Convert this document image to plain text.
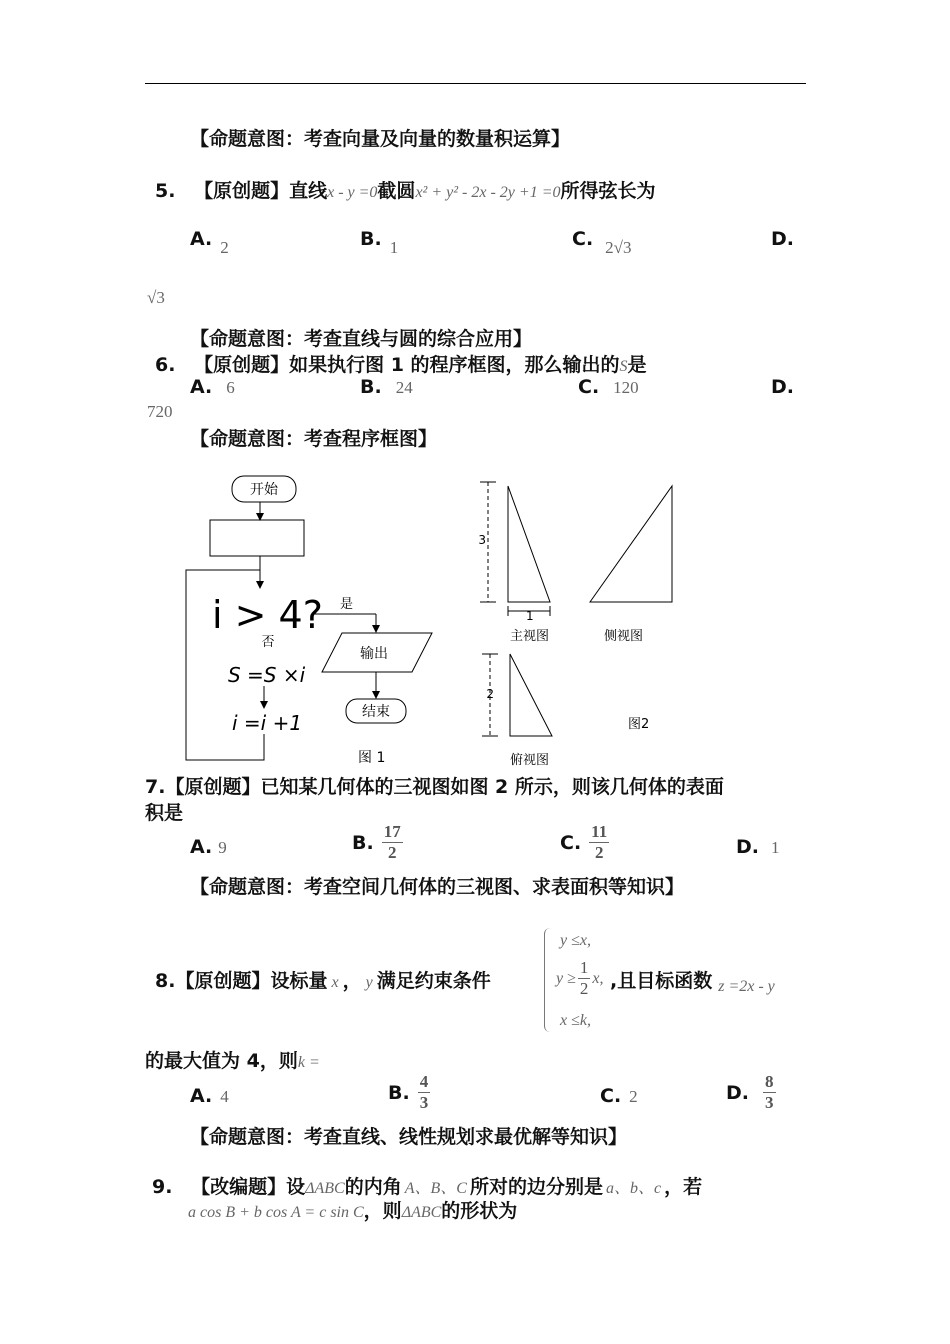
【命题意图：考查向量及向量的数量积运算】
5. 【原创题】直线x - y =0截圆x² + y² - 2x - 2y +1 =0所得弦长为
A. 2	B. 1	C. 2√3	D.
√3
【命题意图：考查直线与圆的综合应用】
6. 【原创题】如果执行图 1 的程序框图，那么输出的S是
A. 6	B. 24	C. 120	D.
720
【命题意图：考查程序框图】
开始
i > 4?
否
是
输出
结束
S =S ×i
i =i +1
图 1
3
1
主视图	侧视图
2
俯视图
图2
7.【原创题】已知某几何体的三视图如图 2 所示，则该几何体的表面
积是
A. 9	B. $\frac{17}{2}$	C. $\frac{11}{2}$	D. 1
【命题意图：考查空间几何体的三视图、求表面积等知识】
8.【原创题】设标量 x ， y 满足约束条件
y ≤x,
$y \ge \frac{1}{2} x$,
x ≤k,
,且目标函数 $_{z =2x - y}$
的最大值为 4，则k =
A. 4	B. $\frac{4}{3}$	C. 2	D. $\frac{8}{3}$
【命题意图：考查直线、线性规划求最优解等知识】
9. 【改编题】设ΔABC的内角 A、B、C 所对的边分别是 a、b、c ，若
a cos B + b cos A = c sin C，则ΔABC的形状为
